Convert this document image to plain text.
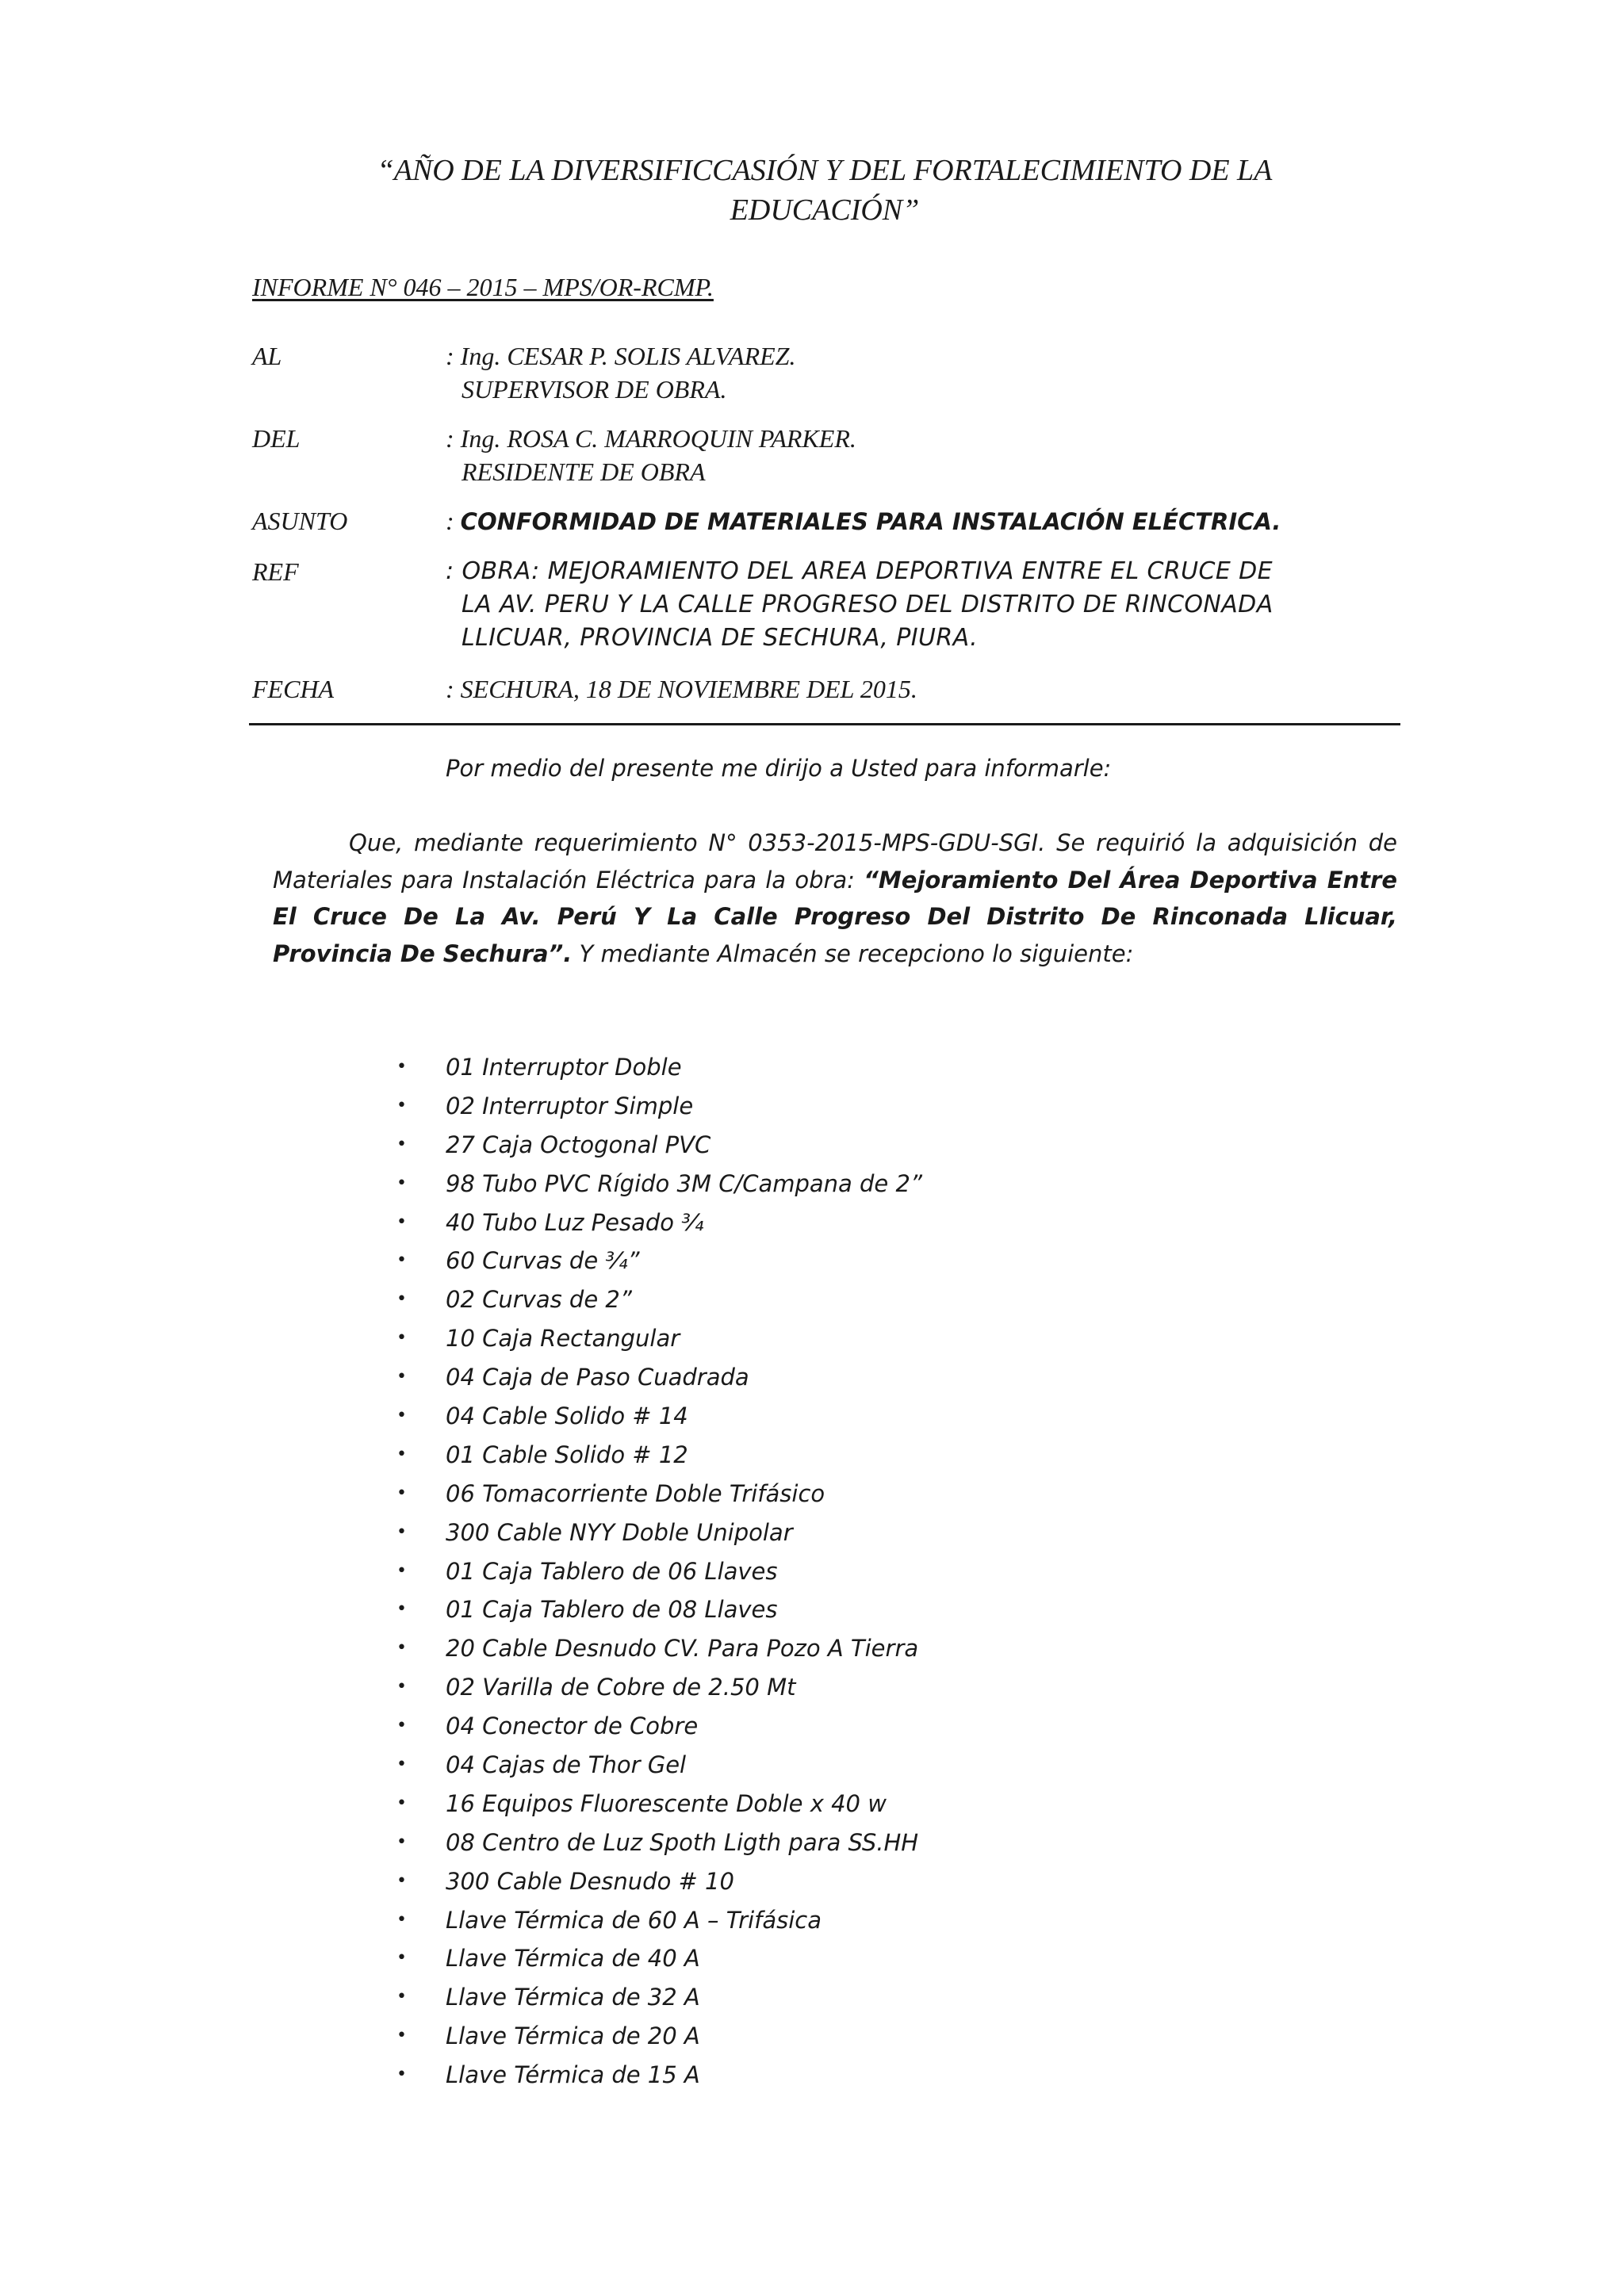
“AÑO DE LA DIVERSIFICCASIÓN Y DEL FORTALECIMIENTO DE LA
EDUCACIÓN”
INFORME N° 046 – 2015 – MPS/OR-RCMP.
AL	: Ing. CESAR P. SOLIS ALVAREZ.
SUPERVISOR DE OBRA.
DEL	: Ing. ROSA C. MARROQUIN PARKER.
RESIDENTE DE OBRA
ASUNTO	: CONFORMIDAD DE MATERIALES PARA INSTALACIÓN ELÉCTRICA.
REF	: OBRA: MEJORAMIENTO DEL AREA DEPORTIVA ENTRE EL CRUCE DE
LA AV. PERU Y LA CALLE PROGRESO DEL DISTRITO DE RINCONADA
LLICUAR, PROVINCIA DE SECHURA, PIURA.
FECHA	: SECHURA, 18 DE NOVIEMBRE DEL 2015.
Por medio del presente me dirijo a Usted para informarle:
Que, mediante requerimiento N° 0353-2015-MPS-GDU-SGI. Se requirió la adquisición de Materiales para Instalación Eléctrica para la obra: “Mejoramiento Del Área Deportiva Entre El Cruce De La Av. Perú Y La Calle Progreso Del Distrito De Rinconada Llicuar, Provincia De Sechura”. Y mediante Almacén se recepciono lo siguiente:
• 01 Interruptor Doble
• 02 Interruptor Simple
• 27 Caja Octogonal PVC
• 98 Tubo PVC Rígido 3M C/Campana de 2”
• 40 Tubo Luz Pesado ¾
• 60 Curvas de ¾”
• 02 Curvas de 2”
• 10 Caja Rectangular
• 04 Caja de Paso Cuadrada
• 04 Cable Solido # 14
• 01 Cable Solido # 12
• 06 Tomacorriente Doble Trifásico
• 300 Cable NYY Doble Unipolar
• 01 Caja Tablero de 06 Llaves
• 01 Caja Tablero de 08 Llaves
• 20 Cable Desnudo CV. Para Pozo A Tierra
• 02 Varilla de Cobre de 2.50 Mt
• 04 Conector de Cobre
• 04 Cajas de Thor Gel
• 16 Equipos Fluorescente Doble x 40 w
• 08 Centro de Luz Spoth Ligth para SS.HH
• 300 Cable Desnudo # 10
• Llave Térmica de 60 A – Trifásica
• Llave Térmica de 40 A
• Llave Térmica de 32 A
• Llave Térmica de 20 A
• Llave Térmica de 15 A
